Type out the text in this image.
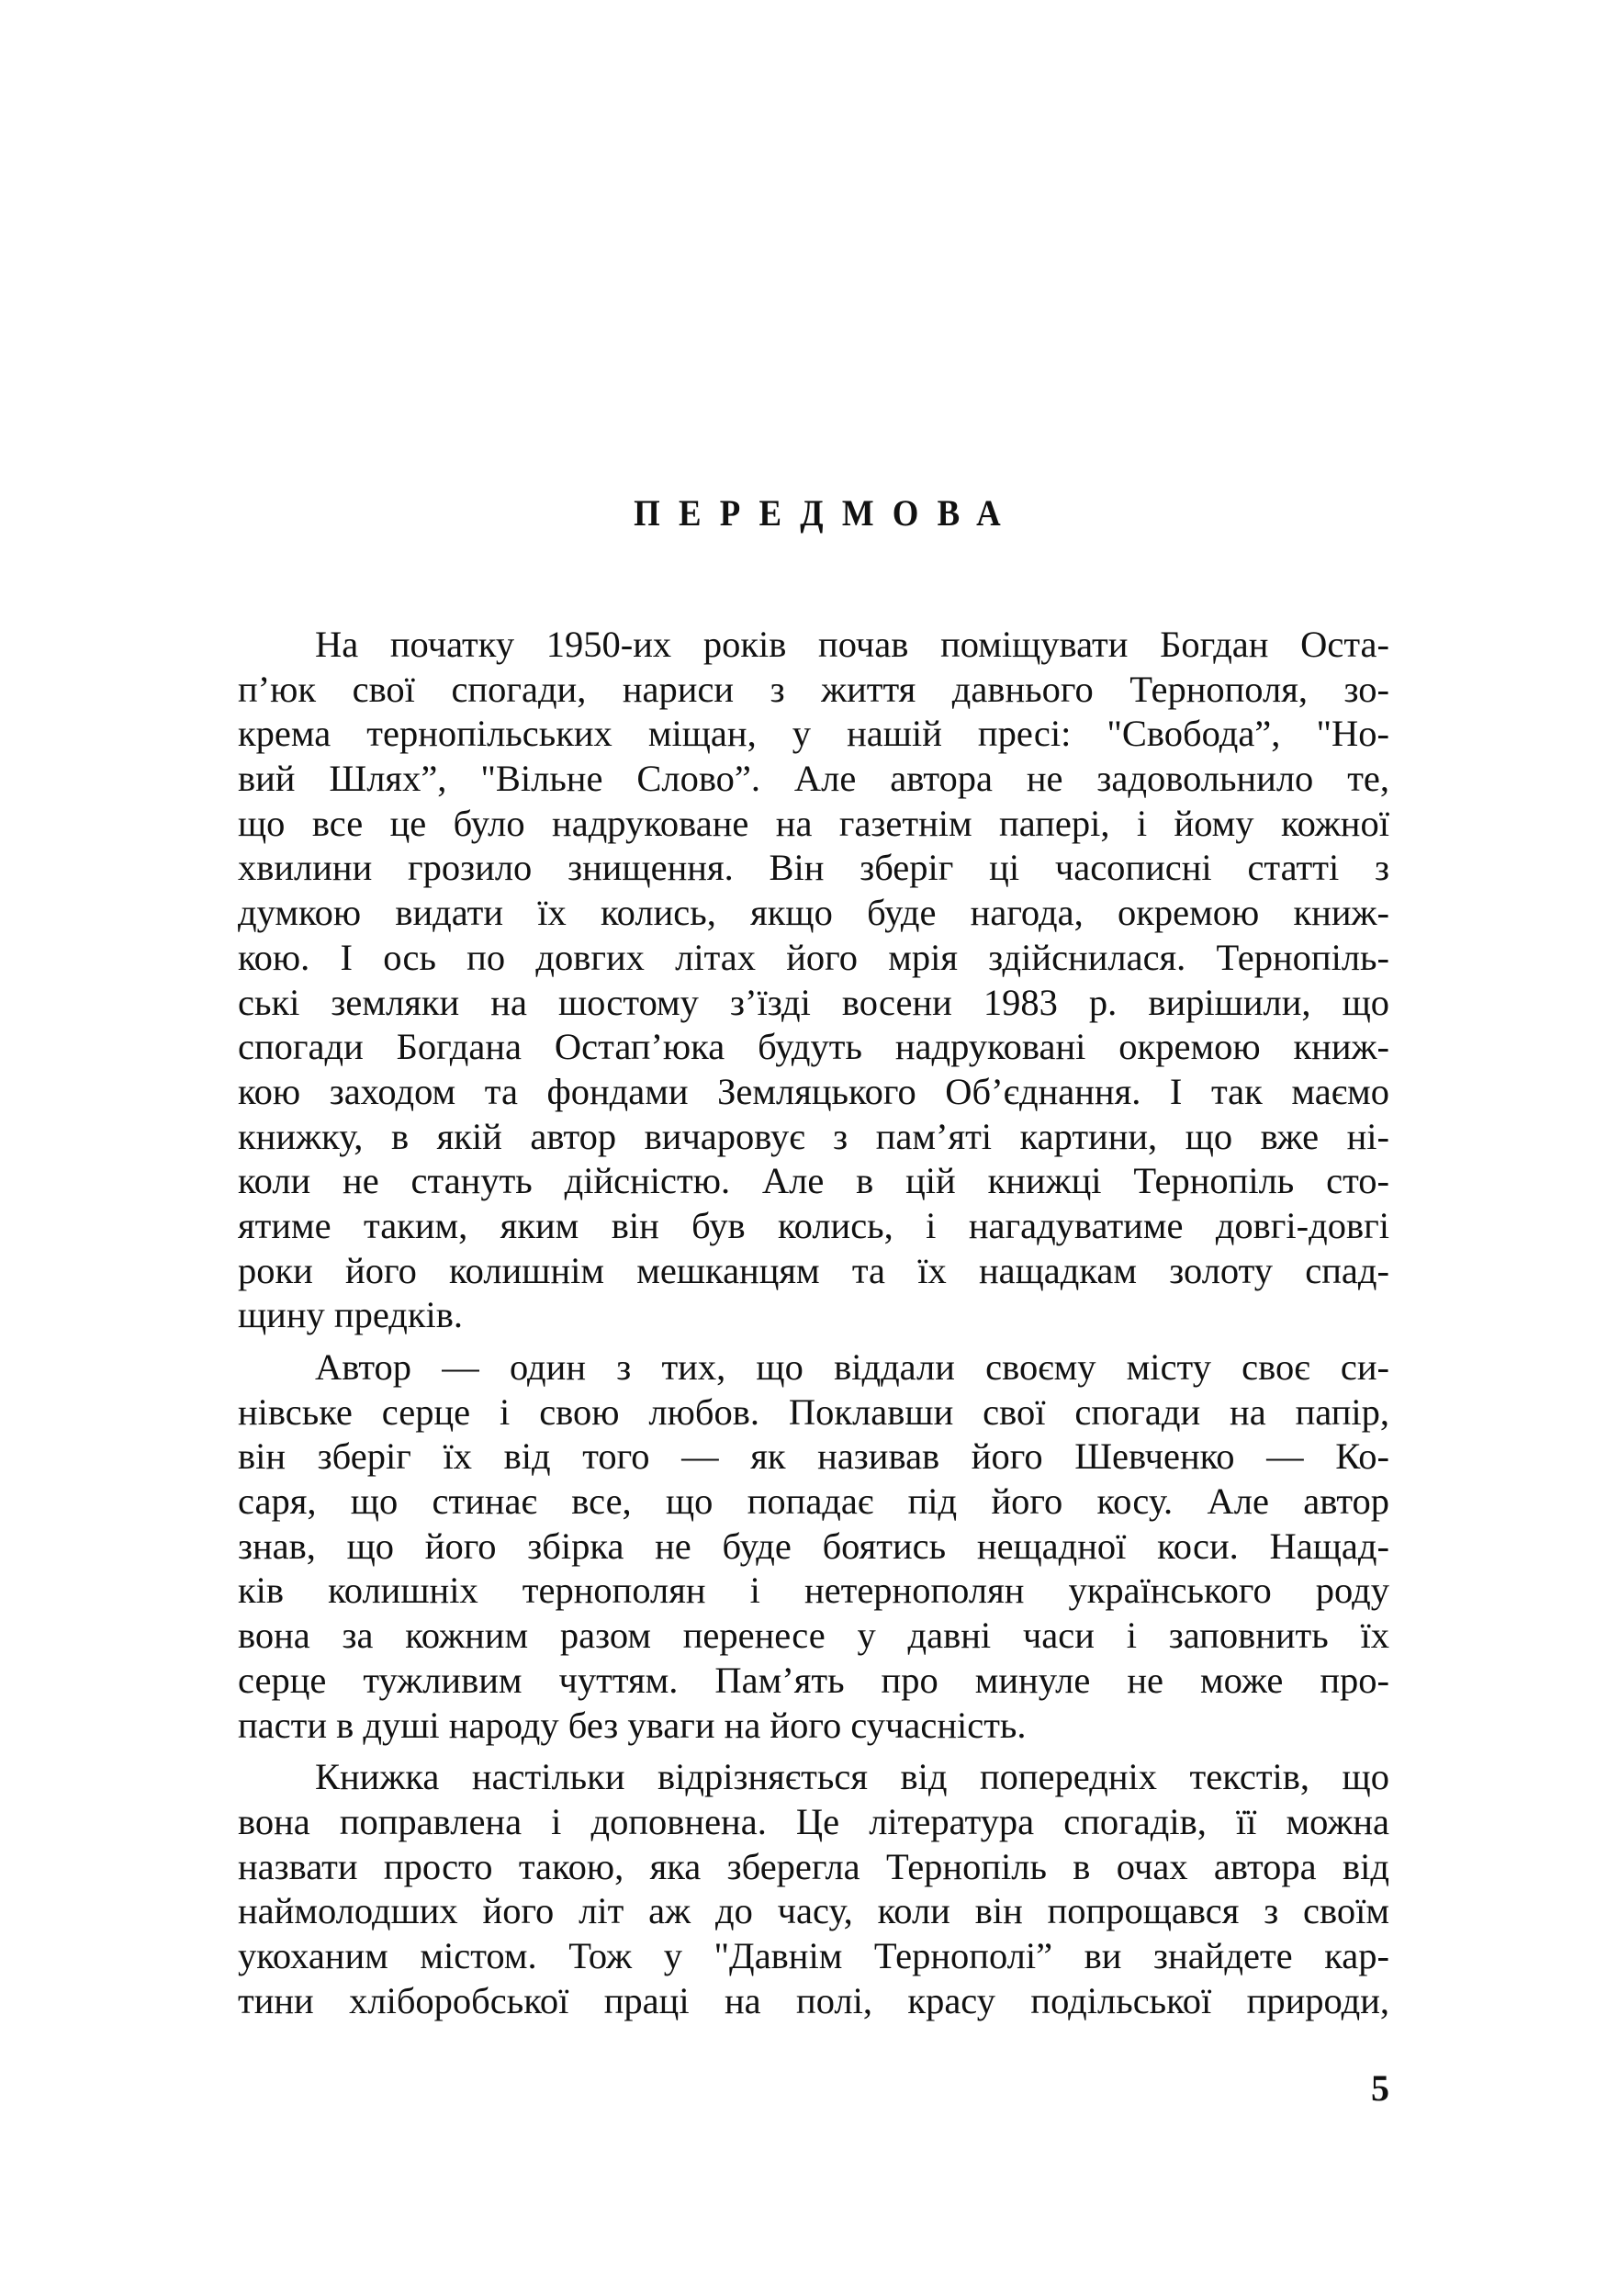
ПЕРЕДМОВА

На початку 1950-их років почав поміщувати Богдан Оста-
п’юк свої спогади, нариси з життя давнього Тернополя, зо-
крема тернопільських міщан, у нашій пресі: "Свобода”, "Но-
вий Шлях”, "Вільне Слово”. Але автора не задовольнило те,
що все це було надруковане на газетнім папері, і йому кожної
хвилини грозило знищення. Він зберіг ці часописні статті з
думкою видати їх колись, якщо буде нагода, окремою книж-
кою. І ось по довгих літах його мрія здійснилася. Тернопіль-
ські земляки на шостому з’їзді восени 1983 р. вирішили, що
спогади Богдана Остап’юка будуть надруковані окремою книж-
кою заходом та фондами Земляцького Об’єднання. І так маємо
книжку, в якій автор вичаровує з пам’яті картини, що вже ні-
коли не стануть дійсністю. Але в цій книжці Тернопіль сто-
ятиме таким, яким він був колись, і нагадуватиме довгі-довгі
роки його колишнім мешканцям та їх нащадкам золоту спад-
щину предків.

Автор — один з тих, що віддали своєму місту своє си-
нівське серце і свою любов. Поклавши свої спогади на папір,
він зберіг їх від того — як називав його Шевченко — Ко-
саря, що стинає все, що попадає під його косу. Але автор
знав, що його збірка не буде боятись нещадної коси. Нащад-
ків колишніх тернополян і нетернополян українського роду
вона за кожним разом перенесе у давні часи і заповнить їх
серце тужливим чуттям. Пам’ять про минуле не може про-
пасти в душі народу без уваги на його сучасність.

Книжка настільки відрізняється від попередніх текстів, що
вона поправлена і доповнена. Це література спогадів, її можна
назвати просто такою, яка зберегла Тернопіль в очах автора від
наймолодших його літ аж до часу, коли він попрощався з своїм
укоханим містом. Тож у "Давнім Тернополі” ви знайдете кар-
тини хліборобської праці на полі, красу подільської природи,

5
